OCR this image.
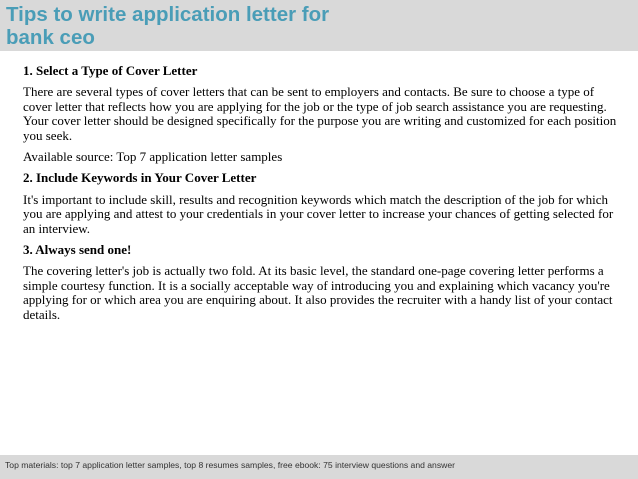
Tips to write application letter for
bank ceo

1. Select a Type of Cover Letter

There are several types of cover letters that can be sent to employers and contacts. Be sure to choose a type of cover letter that reflects how you are applying for the job or the type of job search assistance you are requesting. Your cover letter should be designed specifically for the purpose you are writing and customized for each position you seek.

Available source: Top 7 application letter samples

2. Include Keywords in Your Cover Letter

It's important to include skill, results and recognition keywords which match the description of the job for which you are applying and attest to your credentials in your cover letter to increase your chances of getting selected for an interview.

3. Always send one!

The covering letter's job is actually two fold. At its basic level, the standard one-page covering letter performs a simple courtesy function. It is a socially acceptable way of introducing you and explaining which vacancy you're applying for or which area you are enquiring about. It also provides the recruiter with a handy list of your contact details.

Top materials: top 7 application letter samples, top 8 resumes samples, free ebook: 75 interview questions and answer
